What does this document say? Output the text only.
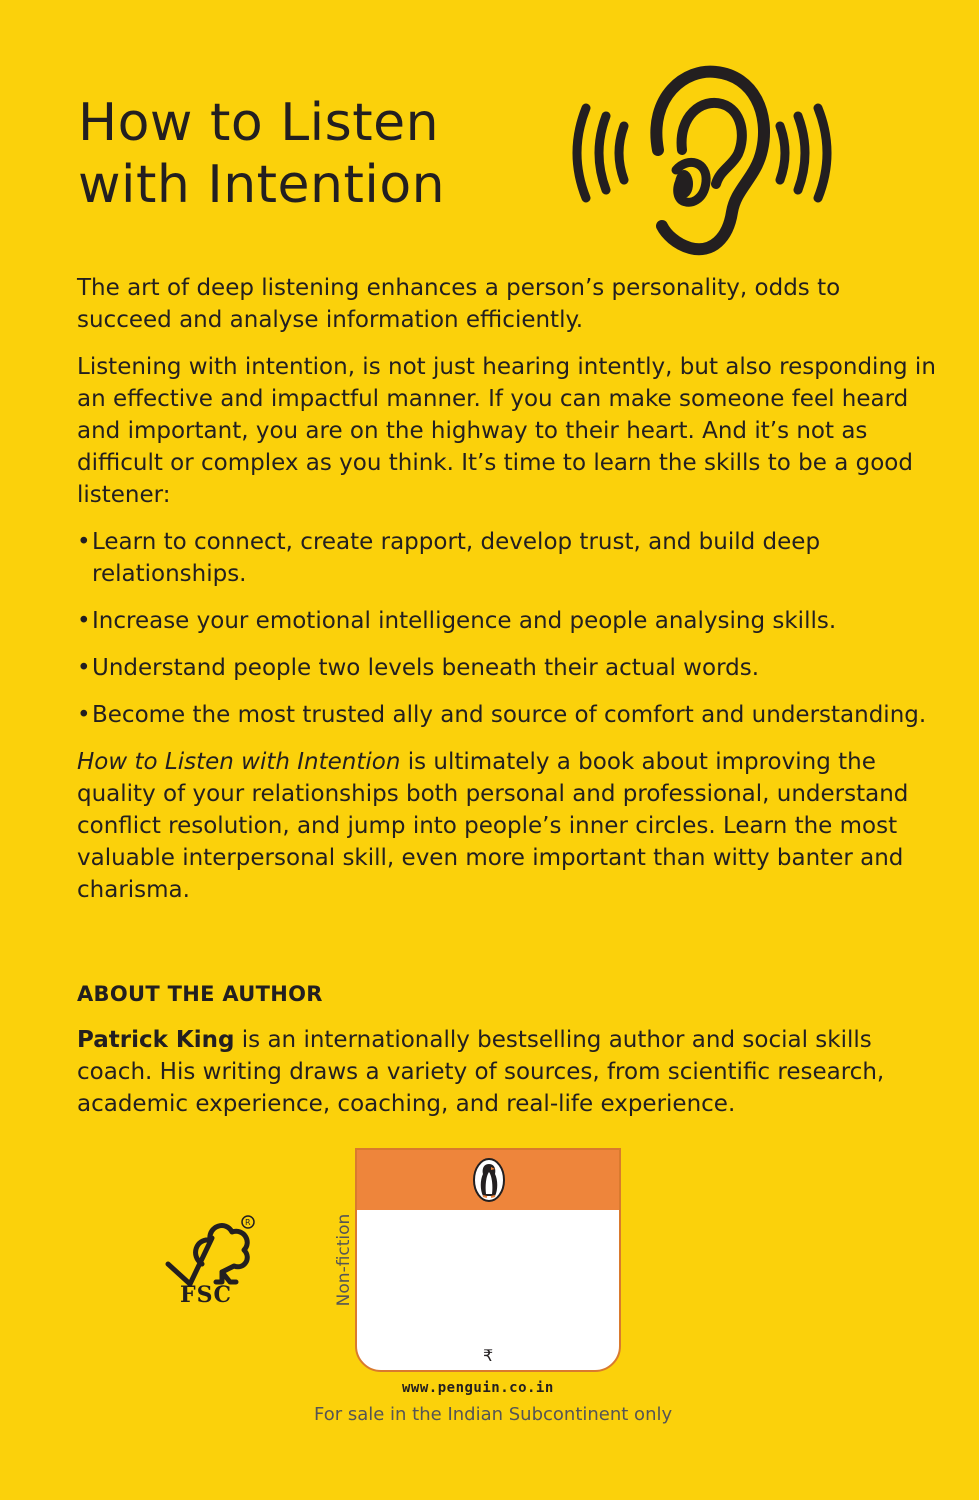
How to Listen
with Intention

The art of deep listening enhances a person’s personality, odds to succeed and analyse information efficiently.

Listening with intention, is not just hearing intently, but also responding in an effective and impactful manner. If you can make someone feel heard and important, you are on the highway to their heart. And it’s not as difficult or complex as you think. It’s time to learn the skills to be a good listener:

• Learn to connect, create rapport, develop trust, and build deep relationships.
• Increase your emotional intelligence and people analysing skills.
• Understand people two levels beneath their actual words.
• Become the most trusted ally and source of comfort and understanding.

How to Listen with Intention is ultimately a book about improving the quality of your relationships both personal and professional, understand conflict resolution, and jump into people’s inner circles. Learn the most valuable interpersonal skill, even more important than witty banter and charisma.

ABOUT THE AUTHOR

Patrick King is an internationally bestselling author and social skills coach. His writing draws a variety of sources, from scientific research, academic experience, coaching, and real-life experience.

R
FSC	Non-fiction
₹
www.penguin.co.in
For sale in the Indian Subcontinent only
